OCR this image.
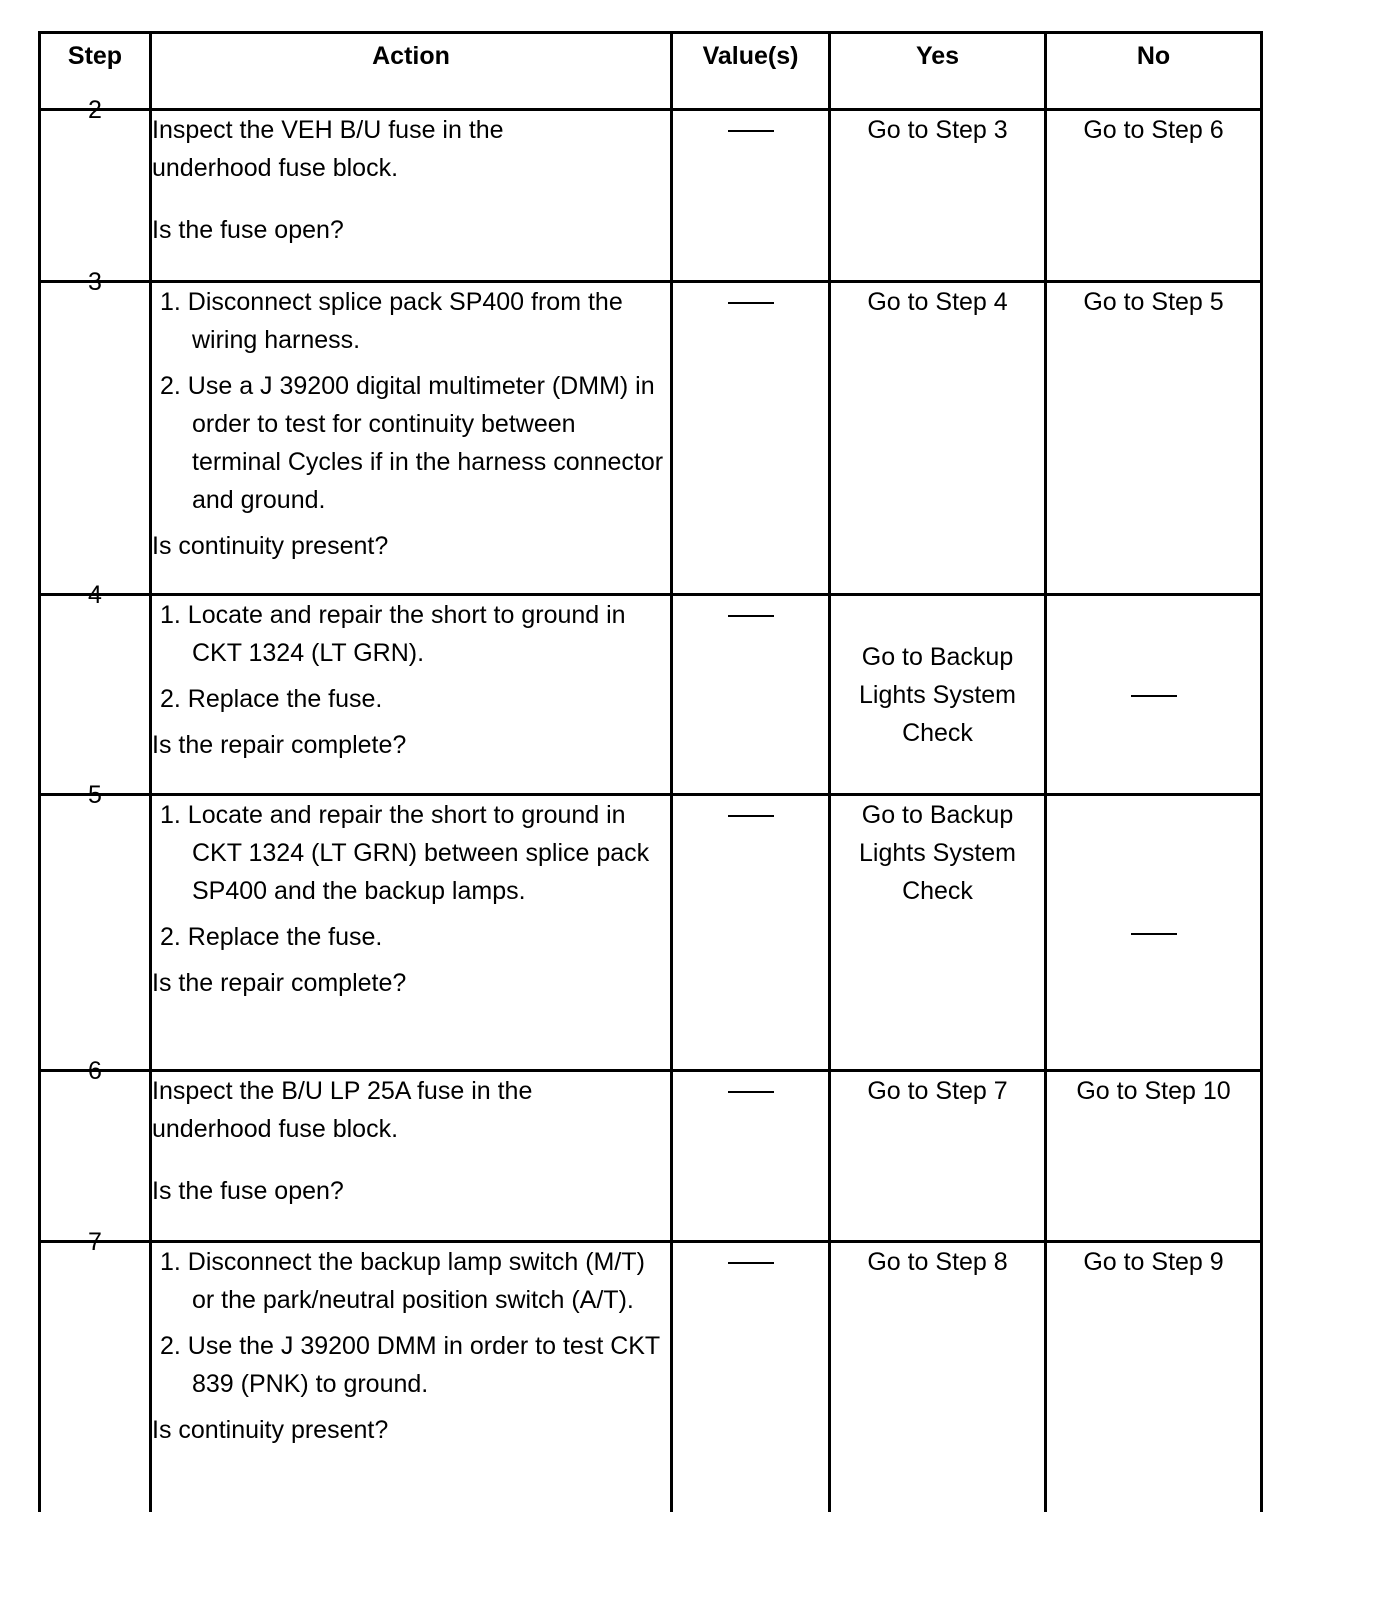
Step	Action	Value(s)	Yes	No

2	Inspect the VEH B/U fuse in the
underhood fuse block.
Is the fuse open?		Go to Step 3	Go to Step 6

3	1. Disconnect splice pack SP400 from the wiring harness.
2. Use a J 39200 digital multimeter (DMM) in order to test for continuity between terminal Cycles if in the harness connector and ground.
Is continuity present?		Go to Step 4	Go to Step 5

4	1. Locate and repair the short to ground in CKT 1324 (LT GRN).
2. Replace the fuse.
Is the repair complete?		Go to Backup Lights System Check	

5	1. Locate and repair the short to ground in CKT 1324 (LT GRN) between splice pack SP400 and the backup lamps.
2. Replace the fuse.
Is the repair complete?		Go to Backup Lights System Check	

6	Inspect the B/U LP 25A fuse in the
underhood fuse block.
Is the fuse open?		Go to Step 7	Go to Step 10

7	1. Disconnect the backup lamp switch (M/T) or the park/neutral position switch (A/T).
2. Use the J 39200 DMM in order to test CKT 839 (PNK) to ground.
Is continuity present?		Go to Step 8	Go to Step 9
